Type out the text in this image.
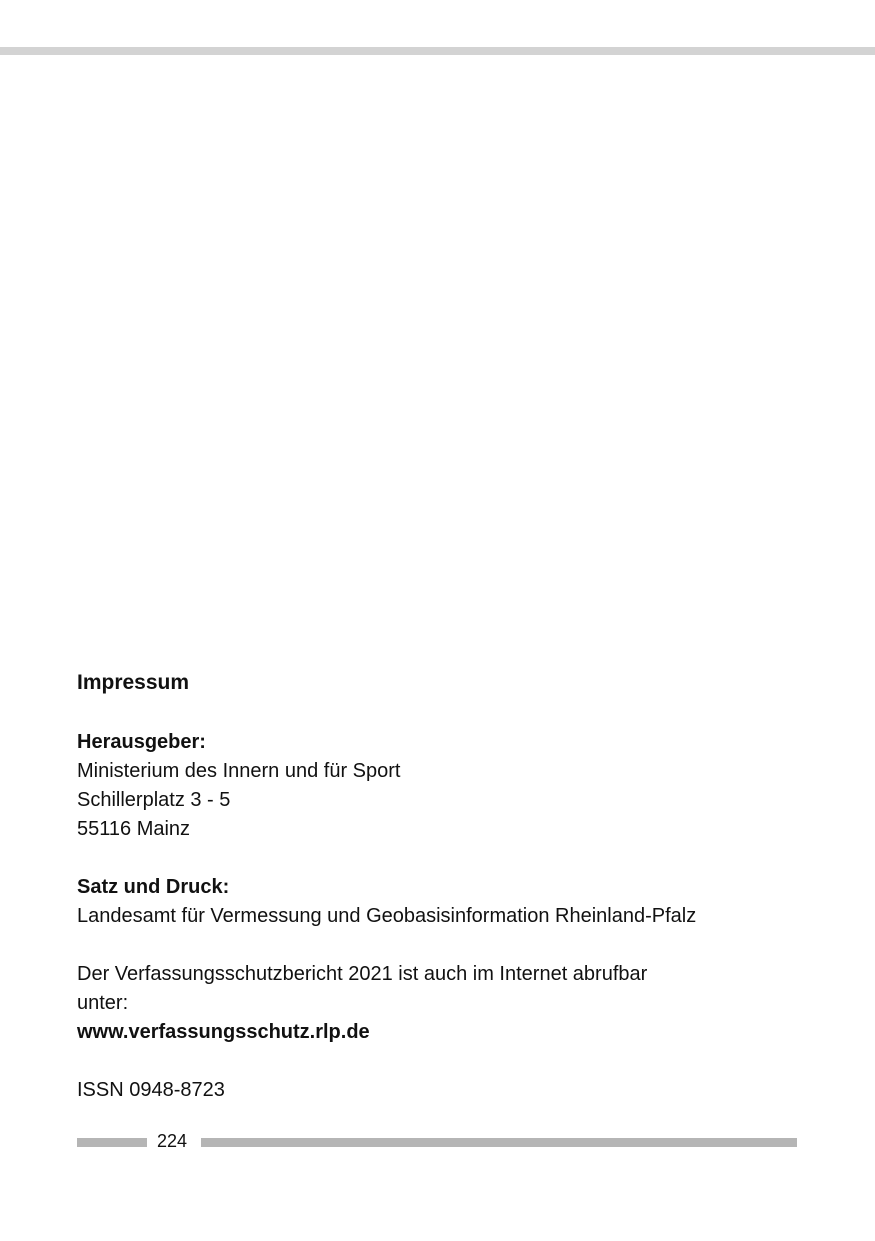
Impressum
Herausgeber:
Ministerium des Innern und für Sport
Schillerplatz 3 - 5
55116 Mainz
Satz und Druck:
Landesamt für Vermessung und Geobasisinformation Rheinland-Pfalz
Der Verfassungsschutzbericht 2021 ist auch im Internet abrufbar unter:
www.verfassungsschutz.rlp.de
ISSN 0948-8723
224
